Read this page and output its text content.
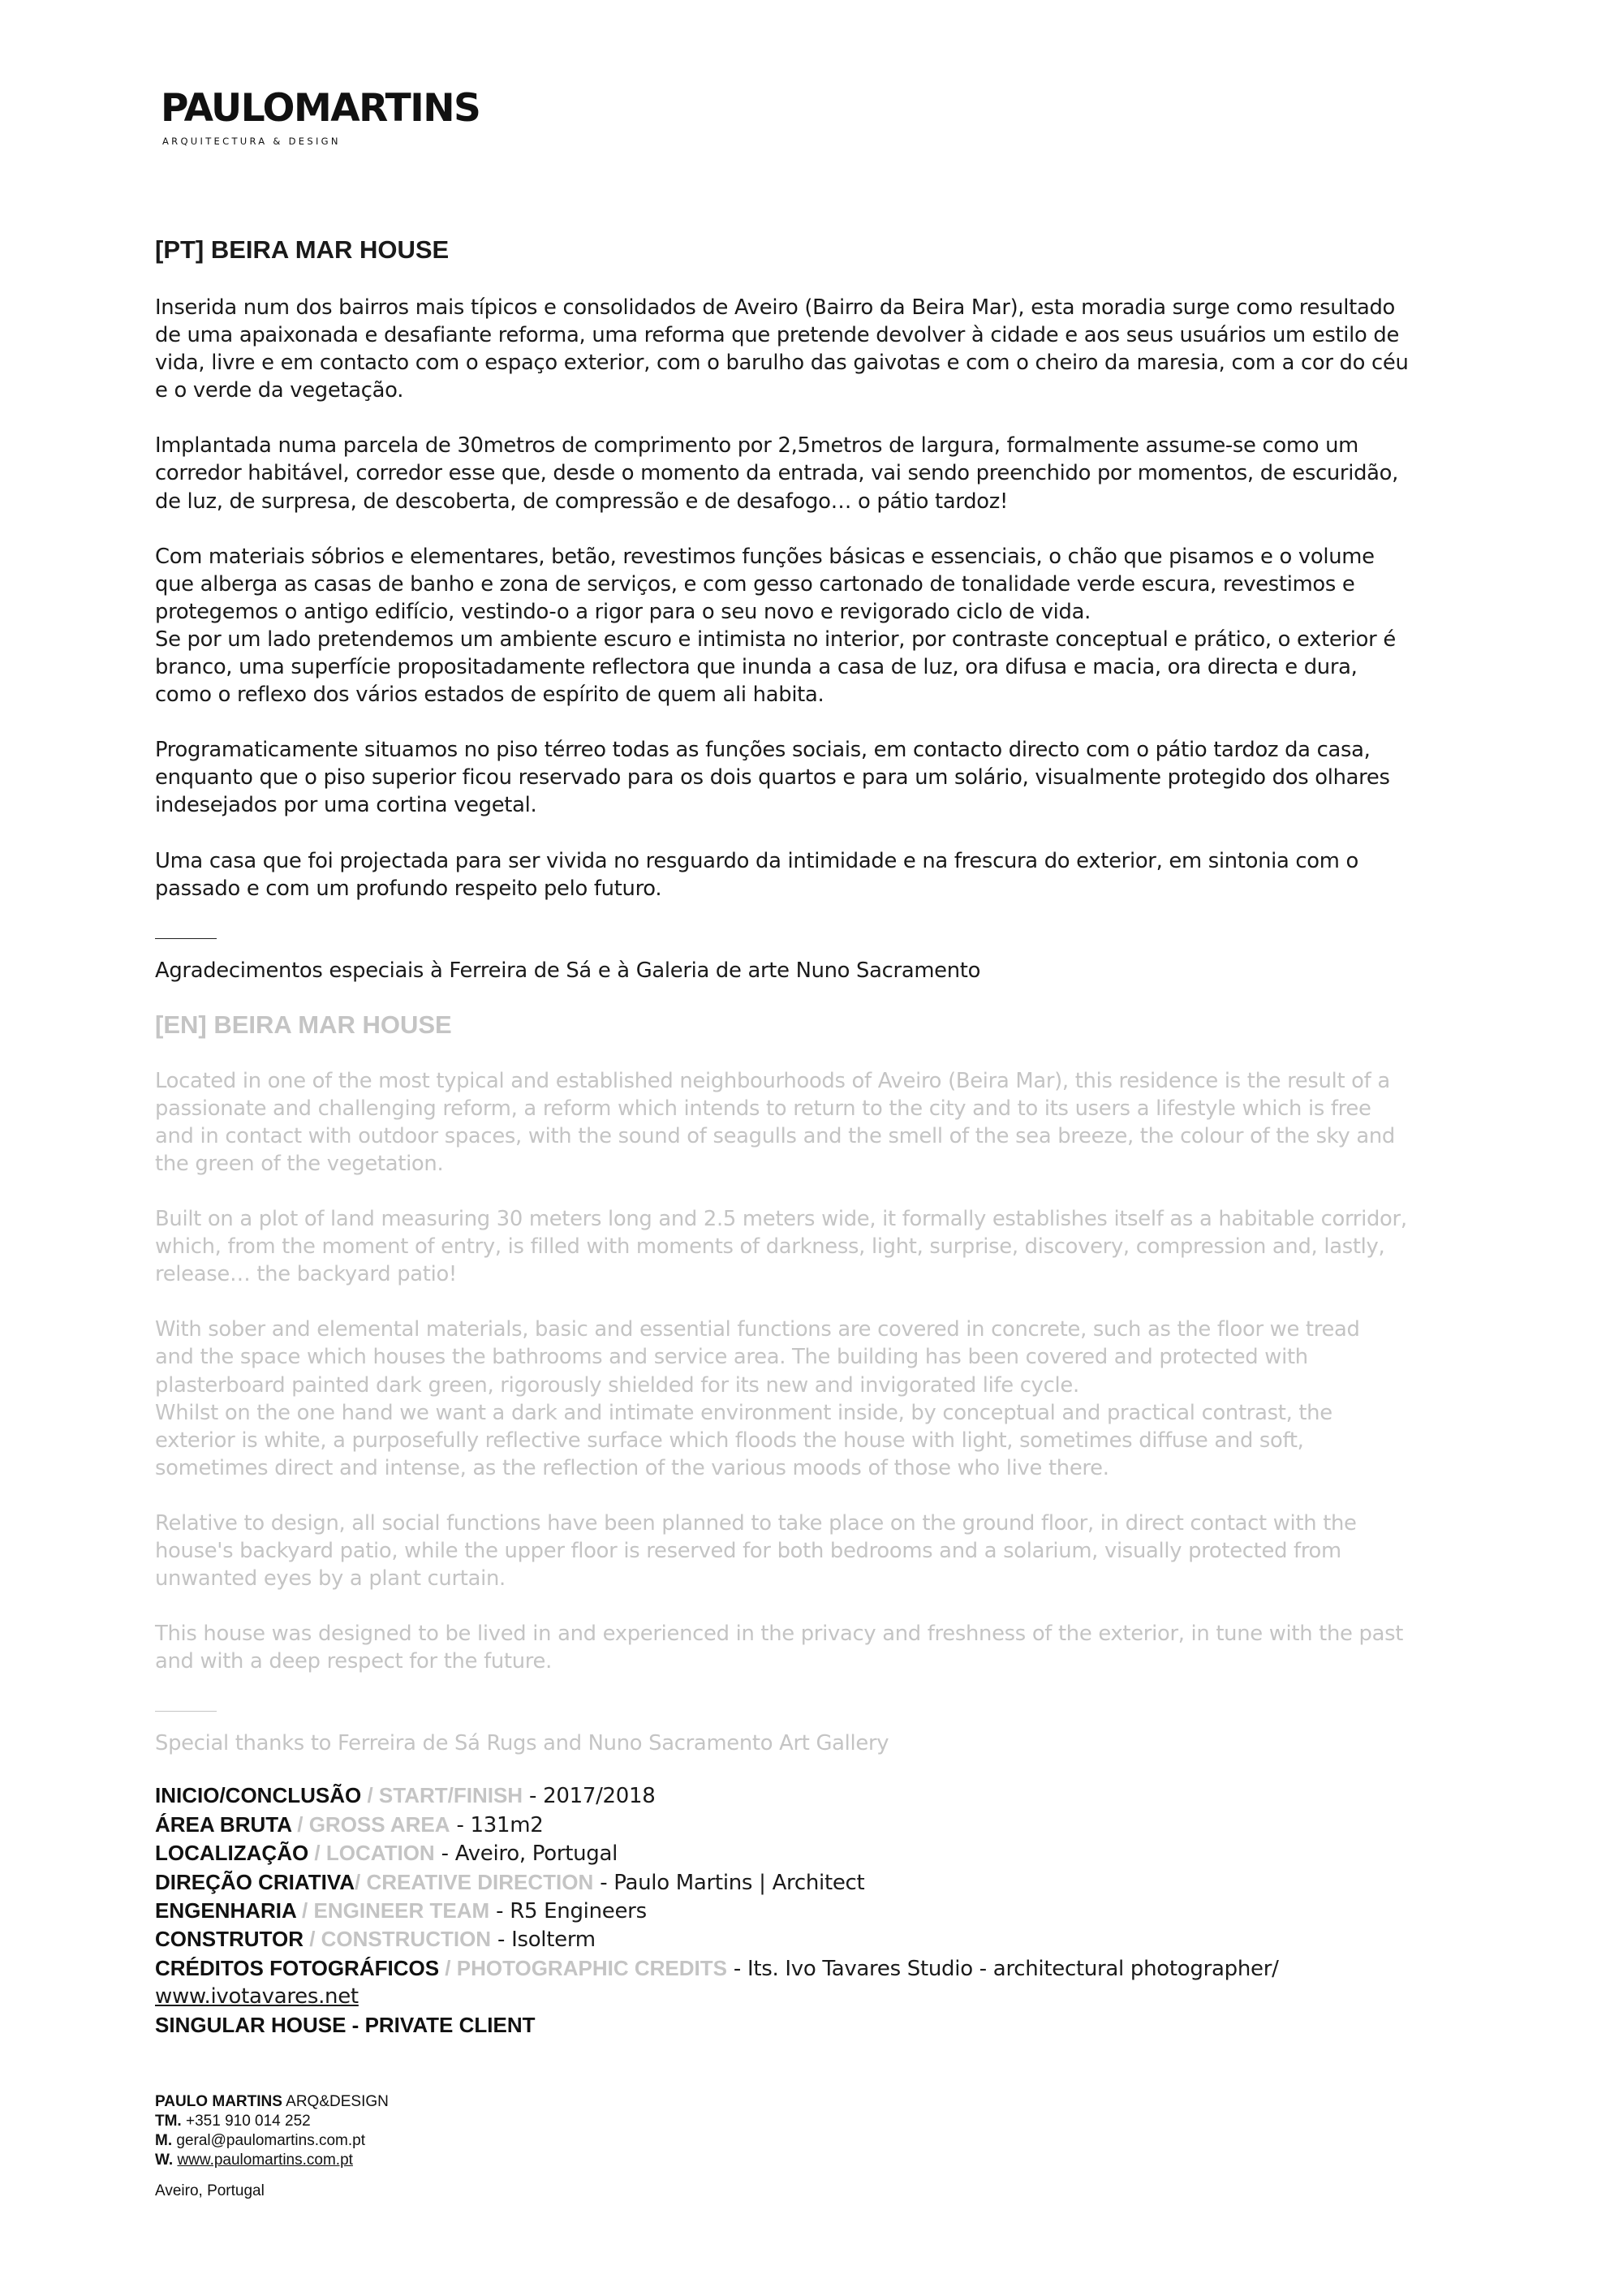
PAULOMARTINS
ARQUITECTURA & DESIGN
[PT] BEIRA MAR HOUSE

Inserida num dos bairros mais típicos e consolidados de Aveiro (Bairro da Beira Mar), esta moradia surge como resultado
de uma apaixonada e desafiante reforma, uma reforma que pretende devolver à cidade e aos seus usuários um estilo de
vida, livre e em contacto com o espaço exterior, com o barulho das gaivotas e com o cheiro da maresia, com a cor do céu
e o verde da vegetação.

Implantada numa parcela de 30metros de comprimento por 2,5metros de largura, formalmente assume-se como um
corredor habitável, corredor esse que, desde o momento da entrada, vai sendo preenchido por momentos, de escuridão,
de luz, de surpresa, de descoberta, de compressão e de desafogo… o pátio tardoz!

Com materiais sóbrios e elementares, betão, revestimos funções básicas e essenciais, o chão que pisamos e o volume
que alberga as casas de banho e zona de serviços, e com gesso cartonado de tonalidade verde escura, revestimos e
protegemos o antigo edifício, vestindo-o a rigor para o seu novo e revigorado ciclo de vida.
Se por um lado pretendemos um ambiente escuro e intimista no interior, por contraste conceptual e prático, o exterior é
branco, uma superfície propositadamente reflectora que inunda a casa de luz, ora difusa e macia, ora directa e dura,
como o reflexo dos vários estados de espírito de quem ali habita.

Programaticamente situamos no piso térreo todas as funções sociais, em contacto directo com o pátio tardoz da casa,
enquanto que o piso superior ficou reservado para os dois quartos e para um solário, visualmente protegido dos olhares
indesejados por uma cortina vegetal.

Uma casa que foi projectada para ser vivida no resguardo da intimidade e na frescura do exterior, em sintonia com o
passado e com um profundo respeito pelo futuro.

Agradecimentos especiais à Ferreira de Sá e à Galeria de arte Nuno Sacramento
[EN] BEIRA MAR HOUSE

Located in one of the most typical and established neighbourhoods of Aveiro (Beira Mar), this residence is the result of a
passionate and challenging reform, a reform which intends to return to the city and to its users a lifestyle which is free
and in contact with outdoor spaces, with the sound of seagulls and the smell of the sea breeze, the colour of the sky and
the green of the vegetation.

Built on a plot of land measuring 30 meters long and 2.5 meters wide, it formally establishes itself as a habitable corridor,
which, from the moment of entry, is filled with moments of darkness, light, surprise, discovery, compression and, lastly,
release… the backyard patio!

With sober and elemental materials, basic and essential functions are covered in concrete, such as the floor we tread
and the space which houses the bathrooms and service area. The building has been covered and protected with
plasterboard painted dark green, rigorously shielded for its new and invigorated life cycle.
Whilst on the one hand we want a dark and intimate environment inside, by conceptual and practical contrast, the
exterior is white, a purposefully reflective surface which floods the house with light, sometimes diffuse and soft,
sometimes direct and intense, as the reflection of the various moods of those who live there.

Relative to design, all social functions have been planned to take place on the ground floor, in direct contact with the
house's backyard patio, while the upper floor is reserved for both bedrooms and a solarium, visually protected from
unwanted eyes by a plant curtain.

This house was designed to be lived in and experienced in the privacy and freshness of the exterior, in tune with the past
and with a deep respect for the future.

Special thanks to Ferreira de Sá Rugs and Nuno Sacramento Art Gallery
INICIO/CONCLUSÃO / START/FINISH - 2017/2018
ÁREA BRUTA / GROSS AREA - 131m2
LOCALIZAÇÃO / LOCATION - Aveiro, Portugal
DIREÇÃO CRIATIVA/ CREATIVE DIRECTION - Paulo Martins | Architect
ENGENHARIA / ENGINEER TEAM - R5 Engineers
CONSTRUTOR / CONSTRUCTION - Isolterm
CRÉDITOS FOTOGRÁFICOS / PHOTOGRAPHIC CREDITS - Its. Ivo Tavares Studio - architectural photographer/
www.ivotavares.net
SINGULAR HOUSE - PRIVATE CLIENT
PAULO MARTINS ARQ&DESIGN
TM. +351 910 014 252
M. geral@paulomartins.com.pt
W. www.paulomartins.com.pt
Aveiro, Portugal
